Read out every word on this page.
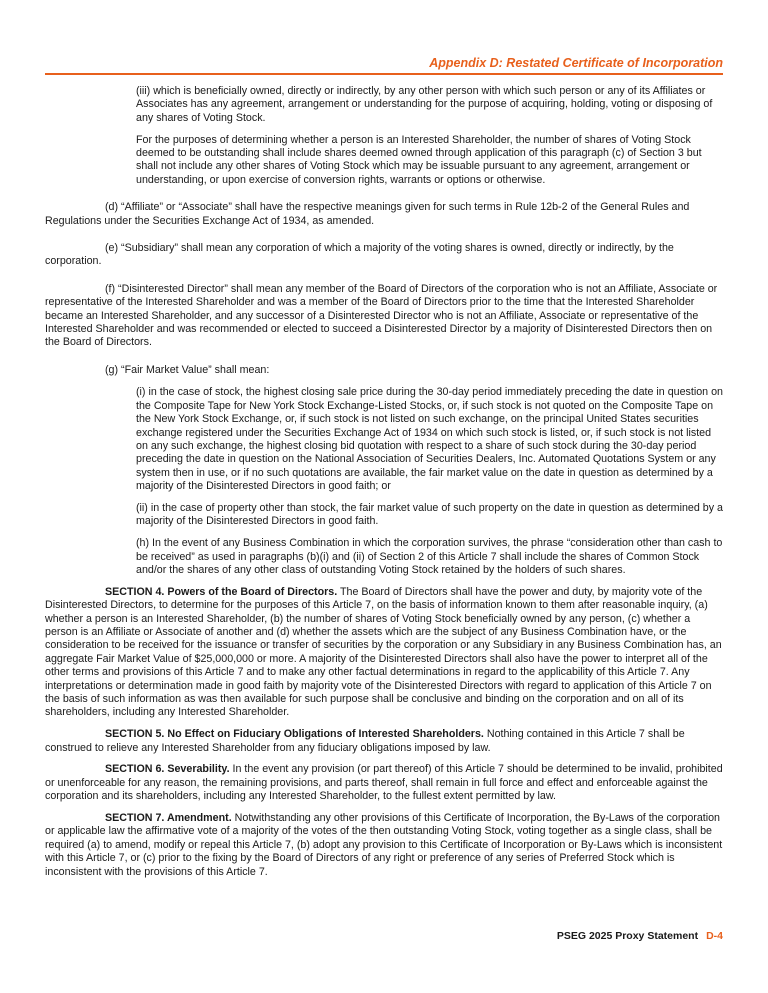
Appendix D: Restated Certificate of Incorporation

(iii) which is beneficially owned, directly or indirectly, by any other person with which such person or any of its Affiliates or Associates has any agreement, arrangement or understanding for the purpose of acquiring, holding, voting or disposing of any shares of Voting Stock.

For the purposes of determining whether a person is an Interested Shareholder, the number of shares of Voting Stock deemed to be outstanding shall include shares deemed owned through application of this paragraph (c) of Section 3 but shall not include any other shares of Voting Stock which may be issuable pursuant to any agreement, arrangement or understanding, or upon exercise of conversion rights, warrants or options or otherwise.

(d) “Affiliate” or “Associate” shall have the respective meanings given for such terms in Rule 12b-2 of the General Rules and Regulations under the Securities Exchange Act of 1934, as amended.

(e) “Subsidiary” shall mean any corporation of which a majority of the voting shares is owned, directly or indirectly, by the corporation.

(f) “Disinterested Director” shall mean any member of the Board of Directors of the corporation who is not an Affiliate, Associate or representative of the Interested Shareholder and was a member of the Board of Directors prior to the time that the Interested Shareholder became an Interested Shareholder, and any successor of a Disinterested Director who is not an Affiliate, Associate or representative of the Interested Shareholder and was recommended or elected to succeed a Disinterested Director by a majority of Disinterested Directors then on the Board of Directors.

(g) “Fair Market Value” shall mean:

(i) in the case of stock, the highest closing sale price during the 30-day period immediately preceding the date in question on the Composite Tape for New York Stock Exchange-Listed Stocks, or, if such stock is not quoted on the Composite Tape on the New York Stock Exchange, or, if such stock is not listed on such exchange, on the principal United States securities exchange registered under the Securities Exchange Act of 1934 on which such stock is listed, or, if such stock is not listed on any such exchange, the highest closing bid quotation with respect to a share of such stock during the 30-day period preceding the date in question on the National Association of Securities Dealers, Inc. Automated Quotations System or any system then in use, or if no such quotations are available, the fair market value on the date in question as determined by a majority of the Disinterested Directors in good faith; or

(ii) in the case of property other than stock, the fair market value of such property on the date in question as determined by a majority of the Disinterested Directors in good faith.

(h) In the event of any Business Combination in which the corporation survives, the phrase “consideration other than cash to be received” as used in paragraphs (b)(i) and (ii) of Section 2 of this Article 7 shall include the shares of Common Stock and/or the shares of any other class of outstanding Voting Stock retained by the holders of such shares.

SECTION 4. Powers of the Board of Directors. The Board of Directors shall have the power and duty, by majority vote of the Disinterested Directors, to determine for the purposes of this Article 7, on the basis of information known to them after reasonable inquiry, (a) whether a person is an Interested Shareholder, (b) the number of shares of Voting Stock beneficially owned by any person, (c) whether a person is an Affiliate or Associate of another and (d) whether the assets which are the subject of any Business Combination have, or the consideration to be received for the issuance or transfer of securities by the corporation or any Subsidiary in any Business Combination has, an aggregate Fair Market Value of $25,000,000 or more. A majority of the Disinterested Directors shall also have the power to interpret all of the other terms and provisions of this Article 7 and to make any other factual determinations in regard to the applicability of this Article 7. Any interpretations or determination made in good faith by majority vote of the Disinterested Directors with regard to application of this Article 7 on the basis of such information as was then available for such purpose shall be conclusive and binding on the corporation and on all of its shareholders, including any Interested Shareholder.

SECTION 5. No Effect on Fiduciary Obligations of Interested Shareholders. Nothing contained in this Article 7 shall be construed to relieve any Interested Shareholder from any fiduciary obligations imposed by law.

SECTION 6. Severability. In the event any provision (or part thereof) of this Article 7 should be determined to be invalid, prohibited or unenforceable for any reason, the remaining provisions, and parts thereof, shall remain in full force and effect and enforceable against the corporation and its shareholders, including any Interested Shareholder, to the fullest extent permitted by law.

SECTION 7. Amendment. Notwithstanding any other provisions of this Certificate of Incorporation, the By-Laws of the corporation or applicable law the affirmative vote of a majority of the votes of the then outstanding Voting Stock, voting together as a single class, shall be required (a) to amend, modify or repeal this Article 7, (b) adopt any provision to this Certificate of Incorporation or By-Laws which is inconsistent with this Article 7, or (c) prior to the fixing by the Board of Directors of any right or preference of any series of Preferred Stock which is inconsistent with the provisions of this Article 7.

PSEG 2025 Proxy Statement D-4
